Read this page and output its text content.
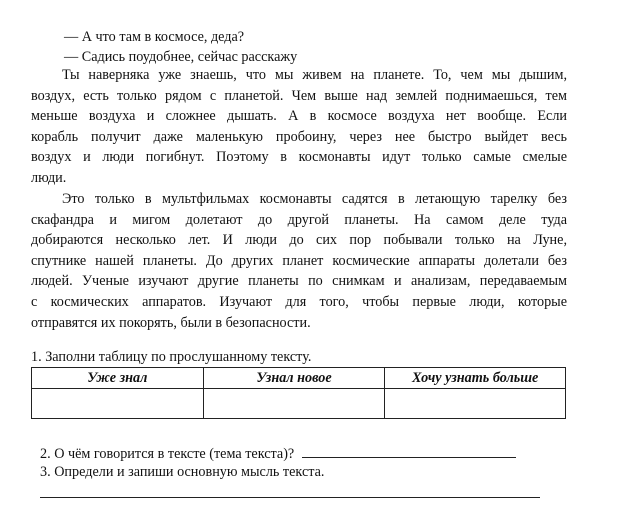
— А что там в космосе, деда?
— Садись поудобнее, сейчас расскажу
Ты наверняка уже знаешь, что мы живем на планете. То, чем мы дышим,
воздух, есть только рядом с планетой. Чем выше над землей поднимаешься, тем
меньше воздуха и сложнее дышать. А в космосе воздуха нет вообще. Если
корабль получит даже маленькую пробоину, через нее быстро выйдет весь
воздух и люди погибнут. Поэтому в космонавты идут только самые смелые
люди.
Это только в мультфильмах космонавты садятся в летающую тарелку без
скафандра и мигом долетают до другой планеты. На самом деле туда
добираются несколько лет. И люди до сих пор побывали только на Луне,
спутнике нашей планеты. До других планет космические аппараты долетали без
людей. Ученые изучают другие планеты по снимкам и анализам, передаваемым
с космических аппаратов. Изучают для того, чтобы первые люди, которые
отправятся их покорять, были в безопасности.
1. Заполни таблицу по прослушанному тексту.
Уже знал	Узнал новое	Хочу узнать больше

2. О чём говорится в тексте (тема текста)?
3. Определи и запиши основную мысль текста.
